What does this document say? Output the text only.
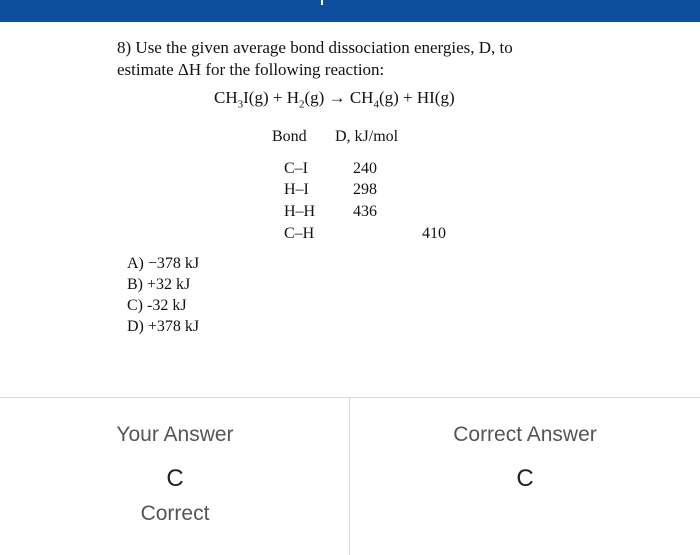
8) Use the given average bond dissociation energies, D, to
estimate ΔH for the following reaction:
$CH_3I(g) + H_2(g) \to CH_4(g) + HI(g)$
Bond D, kJ/mol
C–I	240
H–I	298
H–H 436
C–H	410
A) −378 kJ
B) +32 kJ
C) -32 kJ
D) +378 kJ
Your Answer
C
Correct
Correct Answer
C
